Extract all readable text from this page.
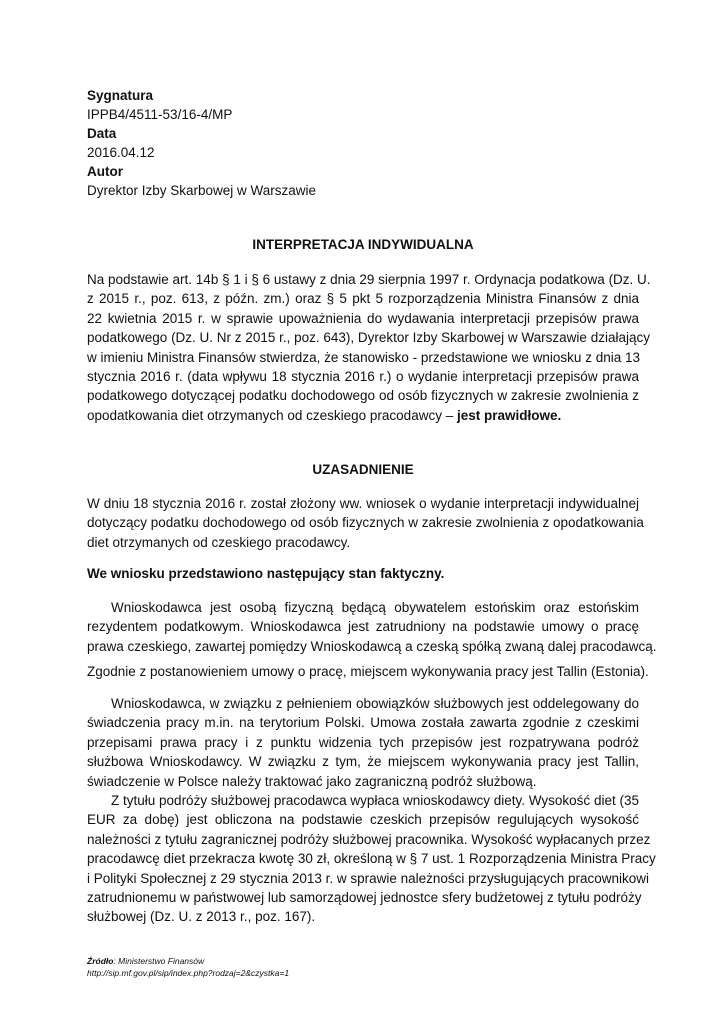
Sygnatura
IPPB4/4511-53/16-4/MP
Data
2016.04.12
Autor
Dyrektor Izby Skarbowej w Warszawie
INTERPRETACJA INDYWIDUALNA
Na podstawie art. 14b § 1 i § 6 ustawy z dnia 29 sierpnia 1997 r. Ordynacja podatkowa (Dz. U.
z 2015 r., poz. 613, z późn. zm.) oraz § 5 pkt 5 rozporządzenia Ministra Finansów z dnia
22 kwietnia 2015 r. w sprawie upoważnienia do wydawania interpretacji przepisów prawa
podatkowego (Dz. U. Nr z 2015 r., poz. 643), Dyrektor Izby Skarbowej w Warszawie działający
w imieniu Ministra Finansów stwierdza, że stanowisko - przedstawione we wniosku z dnia 13
stycznia 2016 r. (data wpływu 18 stycznia 2016 r.) o wydanie interpretacji przepisów prawa
podatkowego dotyczącej podatku dochodowego od osób fizycznych w zakresie zwolnienia z
opodatkowania diet otrzymanych od czeskiego pracodawcy – jest prawidłowe.
UZASADNIENIE
W dniu 18 stycznia 2016 r. został złożony ww. wniosek o wydanie interpretacji indywidualnej
dotyczący podatku dochodowego od osób fizycznych w zakresie zwolnienia z opodatkowania
diet otrzymanych od czeskiego pracodawcy.
We wniosku przedstawiono następujący stan faktyczny.
Wnioskodawca jest osobą fizyczną będącą obywatelem estońskim oraz estońskim
rezydentem podatkowym. Wnioskodawca jest zatrudniony na podstawie umowy o pracę
prawa czeskiego, zawartej pomiędzy Wnioskodawcą a czeską spółką zwaną dalej pracodawcą.
Zgodnie z postanowieniem umowy o pracę, miejscem wykonywania pracy jest Tallin (Estonia).
Wnioskodawca, w związku z pełnieniem obowiązków służbowych jest oddelegowany do
świadczenia pracy m.in. na terytorium Polski. Umowa została zawarta zgodnie z czeskimi
przepisami prawa pracy i z punktu widzenia tych przepisów jest rozpatrywana podróż
służbowa Wnioskodawcy. W związku z tym, że miejscem wykonywania pracy jest Tallin,
świadczenie w Polsce należy traktować jako zagraniczną podróż służbową.
Z tytułu podróży służbowej pracodawca wypłaca wnioskodawcy diety. Wysokość diet (35
EUR za dobę) jest obliczona na podstawie czeskich przepisów regulujących wysokość
należności z tytułu zagranicznej podróży służbowej pracownika. Wysokość wypłacanych przez
pracodawcę diet przekracza kwotę 30 zł, określoną w § 7 ust. 1 Rozporządzenia Ministra Pracy
i Polityki Społecznej z 29 stycznia 2013 r. w sprawie należności przysługujących pracownikowi
zatrudnionemu w państwowej lub samorządowej jednostce sfery budżetowej z tytułu podróży
służbowej (Dz. U. z 2013 r., poz. 167).
Źródło: Ministerstwo Finansów
http://sip.mf.gov.pl/sip/index.php?rodzaj=2&czystka=1
